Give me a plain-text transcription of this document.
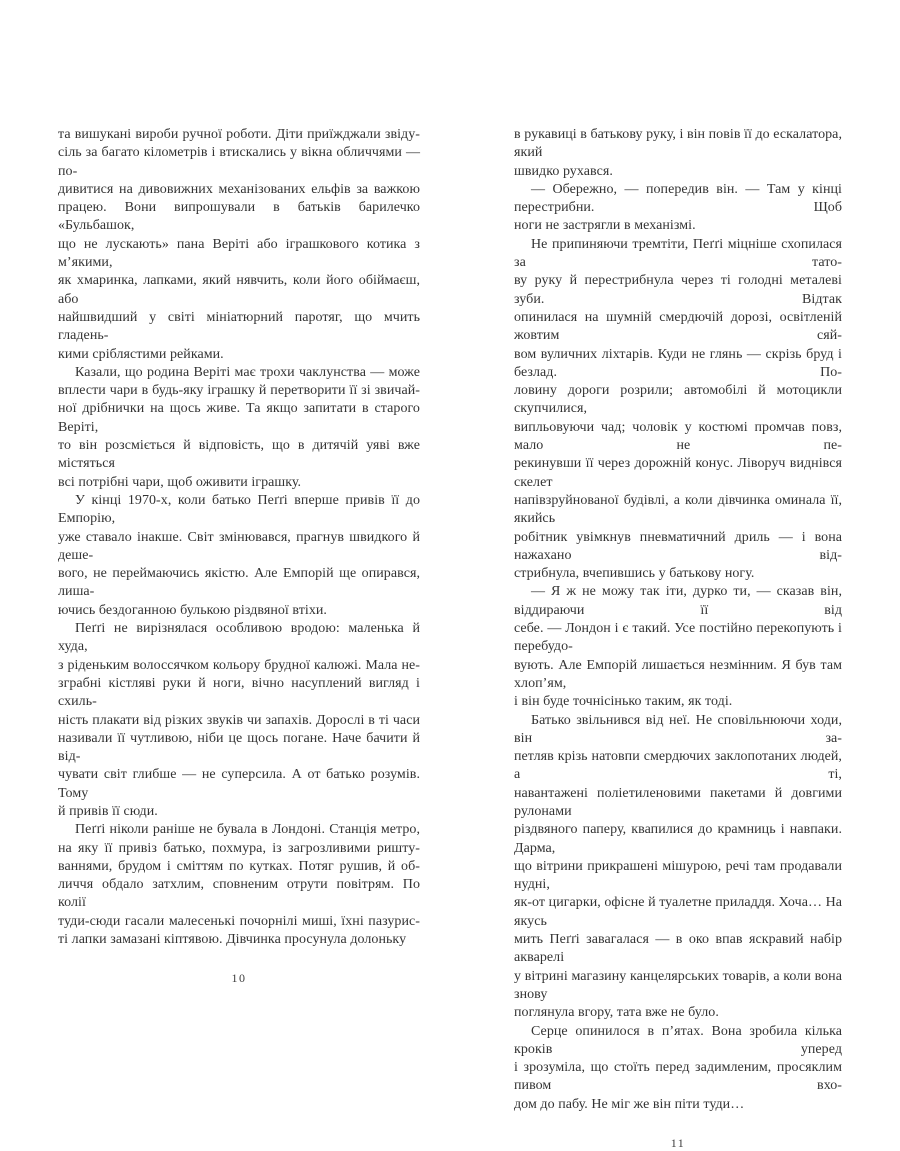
та вишукані вироби ручної роботи. Діти приїжджали звіду-
сіль за багато кілометрів і втискались у вікна обличчями — по-
дивитися на дивовижних механізованих ельфів за важкою
працею. Вони випрошували в батьків барилечко «Бульбашок,
що не лускають» пана Веріті або іграшкового котика з м’якими,
як хмаринка, лапками, який нявчить, коли його обіймаєш, або
найшвидший у світі мініатюрний паротяг, що мчить гладень-
кими сріблястими рейками.
Казали, що родина Веріті має трохи чаклунства — може
вплести чари в будь-яку іграшку й перетворити її зі звичай-
ної дрібнички на щось живе. Та якщо запитати в старого Веріті,
то він розсміється й відповість, що в дитячій уяві вже містяться
всі потрібні чари, щоб оживити іграшку.
У кінці 1970-х, коли батько Пеґґі вперше привів її до Емпорію,
уже ставало інакше. Світ змінювався, прагнув швидкого й деше-
вого, не переймаючись якістю. Але Емпорій ще опирався, лиша-
ючись бездоганною булькою різдвяної втіхи.
Пеґґі не вирізнялася особливою вродою: маленька й худа,
з ріденьким волоссячком кольору брудної калюжі. Мала не-
зграбні кістляві руки й ноги, вічно насуплений вигляд і схиль-
ність плакати від різких звуків чи запахів. Дорослі в ті часи
називали її чутливою, ніби це щось погане. Наче бачити й від-
чувати світ глибше — не суперсила. А от батько розумів. Тому
й привів її сюди.
Пеґґі ніколи раніше не бувала в Лондоні. Станція метро,
на яку її привіз батько, похмура, із загрозливими ришту-
ваннями, брудом і сміттям по кутках. Потяг рушив, й об-
личчя обдало затхлим, сповненим отрути повітрям. По колії
туди-сюди гасали малесенькі почорнілі миші, їхні пазурис-
ті лапки замазані кіптявою. Дівчинка просунула долоньку
10
в рукавиці в батькову руку, і він повів її до ескалатора, який
швидко рухався.
— Обережно, — попередив він. — Там у кінці перестрибни. Щоб
ноги не застрягли в механізмі.
Не припиняючи тремтіти, Пеґґі міцніше схопилася за тато-
ву руку й перестрибнула через ті голодні металеві зуби. Відтак
опинилася на шумній смердючій дорозі, освітленій жовтим сяй-
вом вуличних ліхтарів. Куди не глянь — скрізь бруд і безлад. По-
ловину дороги розрили; автомобілі й мотоцикли скупчилися,
випльовуючи чад; чоловік у костюмі промчав повз, мало не пе-
рекинувши її через дорожній конус. Ліворуч виднівся скелет
напівзруйнованої будівлі, а коли дівчинка оминала її, якийсь
робітник увімкнув пневматичний дриль — і вона нажахано від-
стрибнула, вчепившись у батькову ногу.
— Я ж не можу так іти, дурко ти, — сказав він, віддираючи її від
себе. — Лондон і є такий. Усе постійно перекопують і перебудо-
вують. Але Емпорій лишається незмінним. Я був там хлоп’ям,
і він буде точнісінько таким, як тоді.
Батько звільнився від неї. Не сповільнюючи ходи, він за-
петляв крізь натовпи смердючих заклопотаних людей, а ті,
навантажені поліетиленовими пакетами й довгими рулонами
різдвяного паперу, квапилися до крамниць і навпаки. Дарма,
що вітрини прикрашені мішурою, речі там продавали нудні,
як-от цигарки, офісне й туалетне приладдя. Хоча… На якусь
мить Пеґґі завагалася — в око впав яскравий набір акварелі
у вітрині магазину канцелярських товарів, а коли вона знову
поглянула вгору, тата вже не було.
Серце опинилося в п’ятах. Вона зробила кілька кроків уперед
і зрозуміла, що стоїть перед задимленим, просяклим пивом вхо-
дом до пабу. Не міг же він піти туди…
11
